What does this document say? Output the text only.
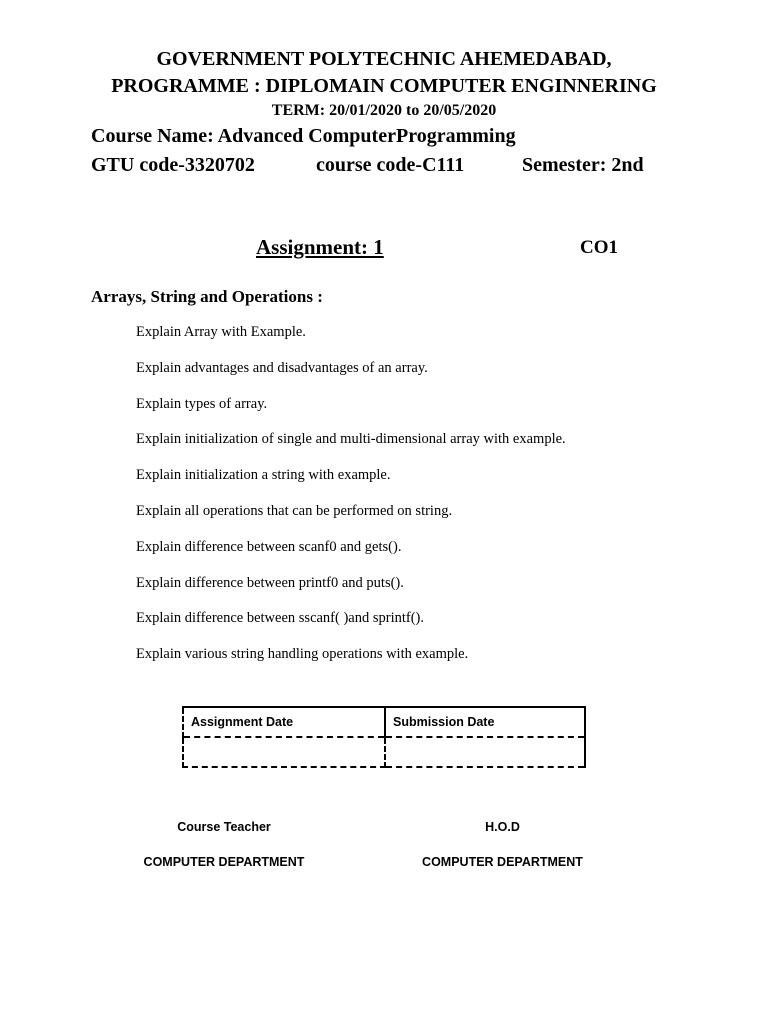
GOVERNMENT POLYTECHNIC AHEMEDABAD,
PROGRAMME : DIPLOMAIN COMPUTER ENGINNERING
TERM: 20/01/2020 to 20/05/2020
Course Name: Advanced ComputerProgramming
GTU code-3320702	course code-C111	Semester: 2nd
Assignment: 1	CO1
Arrays, String and Operations :
Explain Array with Example.
Explain advantages and disadvantages of an array.
Explain types of array.
Explain initialization of single and multi-dimensional array with example.
Explain initialization a string with example.
Explain all operations that can be performed on string.
Explain difference between scanf0 and gets().
Explain difference between printf0 and puts().
Explain difference between sscanf( )and sprintf().
Explain various string handling operations with example.
Assignment Date	Submission Date

Course Teacher	H.O.D
COMPUTER DEPARTMENT	COMPUTER DEPARTMENT
